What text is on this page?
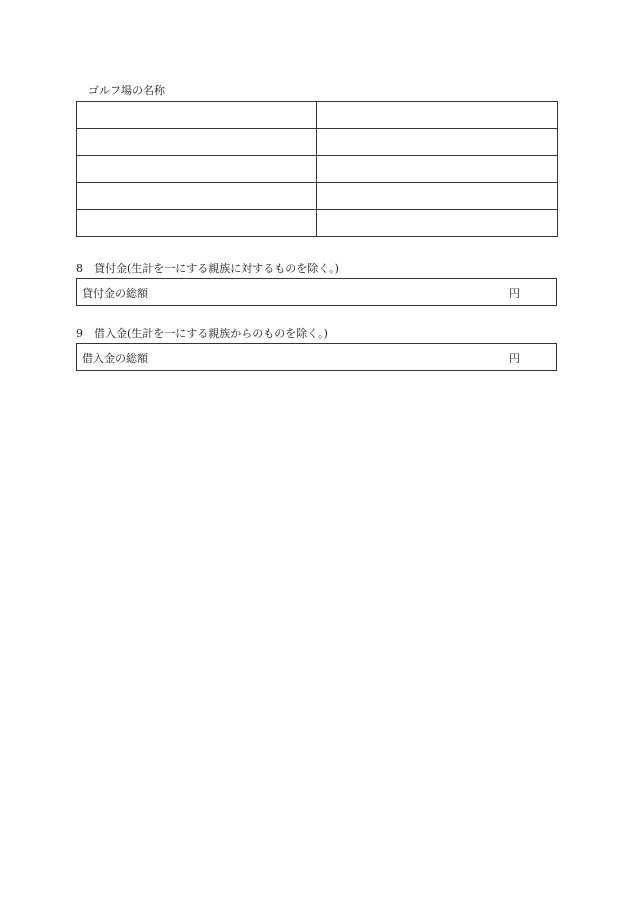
ゴルフ場の名称

8 貸付金(生計を一にする親族に対するものを除く。)
貸付金の総額	円
9 借入金(生計を一にする親族からのものを除く。)
借入金の総額	円
